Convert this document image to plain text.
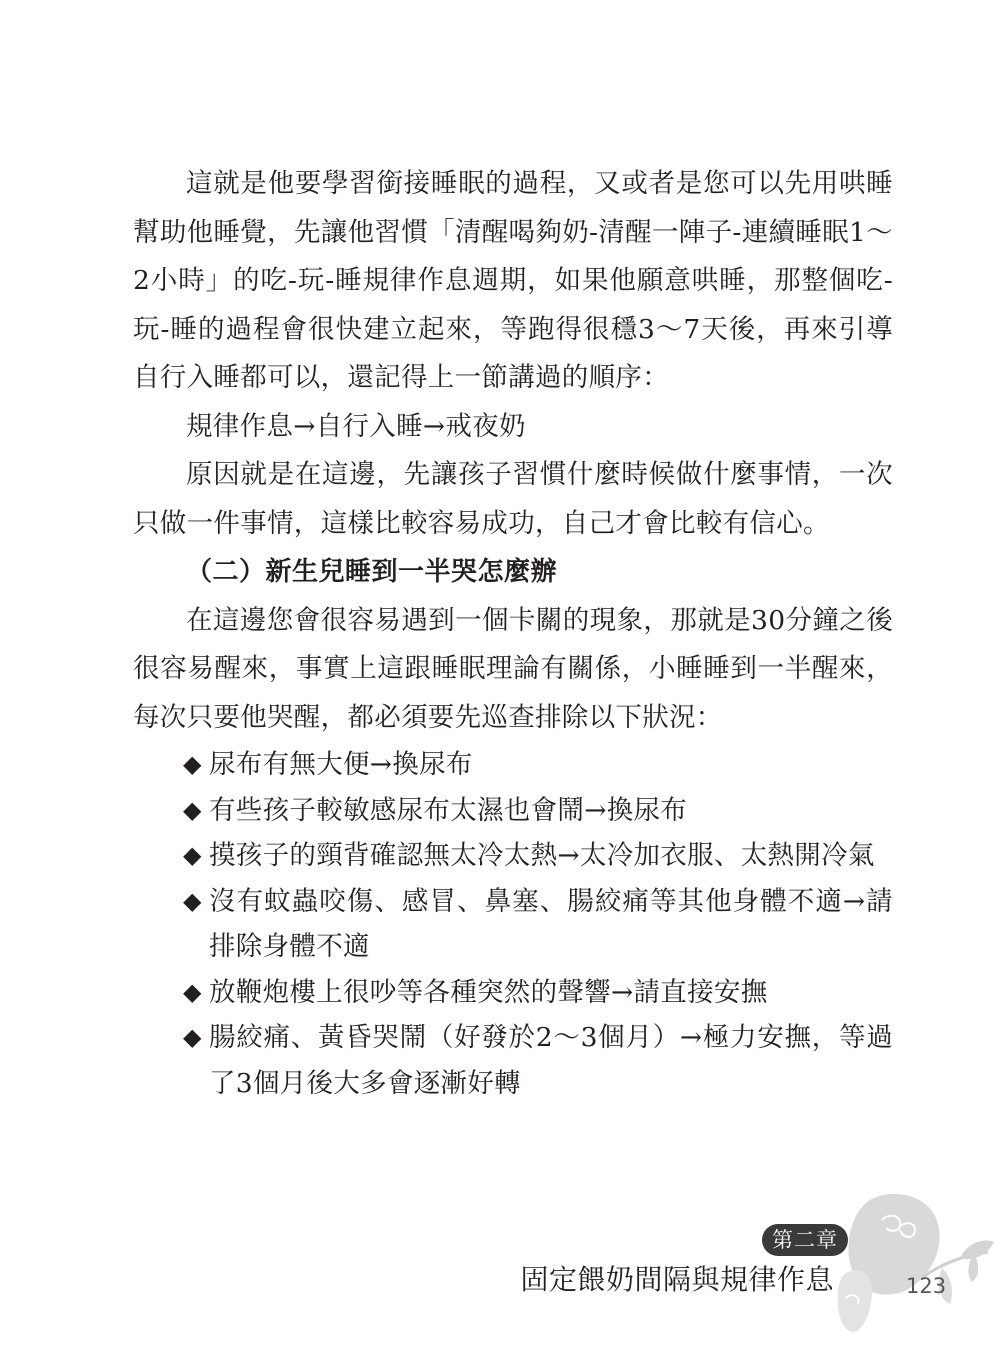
這就是他要學習銜接睡眠的過程，又或者是您可以先用哄睡幫助他睡覺，先讓他習慣「清醒喝夠奶-清醒一陣子-連續睡眠1～2小時」的吃-玩-睡規律作息週期，如果他願意哄睡，那整個吃-玩-睡的過程會很快建立起來，等跑得很穩3～7天後，再來引導自行入睡都可以，還記得上一節講過的順序：

規律作息→自行入睡→戒夜奶

原因就是在這邊，先讓孩子習慣什麼時候做什麼事情，一次只做一件事情，這樣比較容易成功，自己才會比較有信心。

（二）新生兒睡到一半哭怎麼辦

在這邊您會很容易遇到一個卡關的現象，那就是30分鐘之後很容易醒來，事實上這跟睡眠理論有關係，小睡睡到一半醒來，每次只要他哭醒，都必須要先巡查排除以下狀況：

◆ 尿布有無大便→換尿布
◆ 有些孩子較敏感尿布太濕也會鬧→換尿布
◆ 摸孩子的頸背確認無太冷太熱→太冷加衣服、太熱開冷氣
◆ 沒有蚊蟲咬傷、感冒、鼻塞、腸絞痛等其他身體不適→請排除身體不適
◆ 放鞭炮樓上很吵等各種突然的聲響→請直接安撫
◆ 腸絞痛、黃昏哭鬧（好發於2～3個月）→極力安撫，等過了3個月後大多會逐漸好轉
第二章
固定餵奶間隔與規律作息	123
